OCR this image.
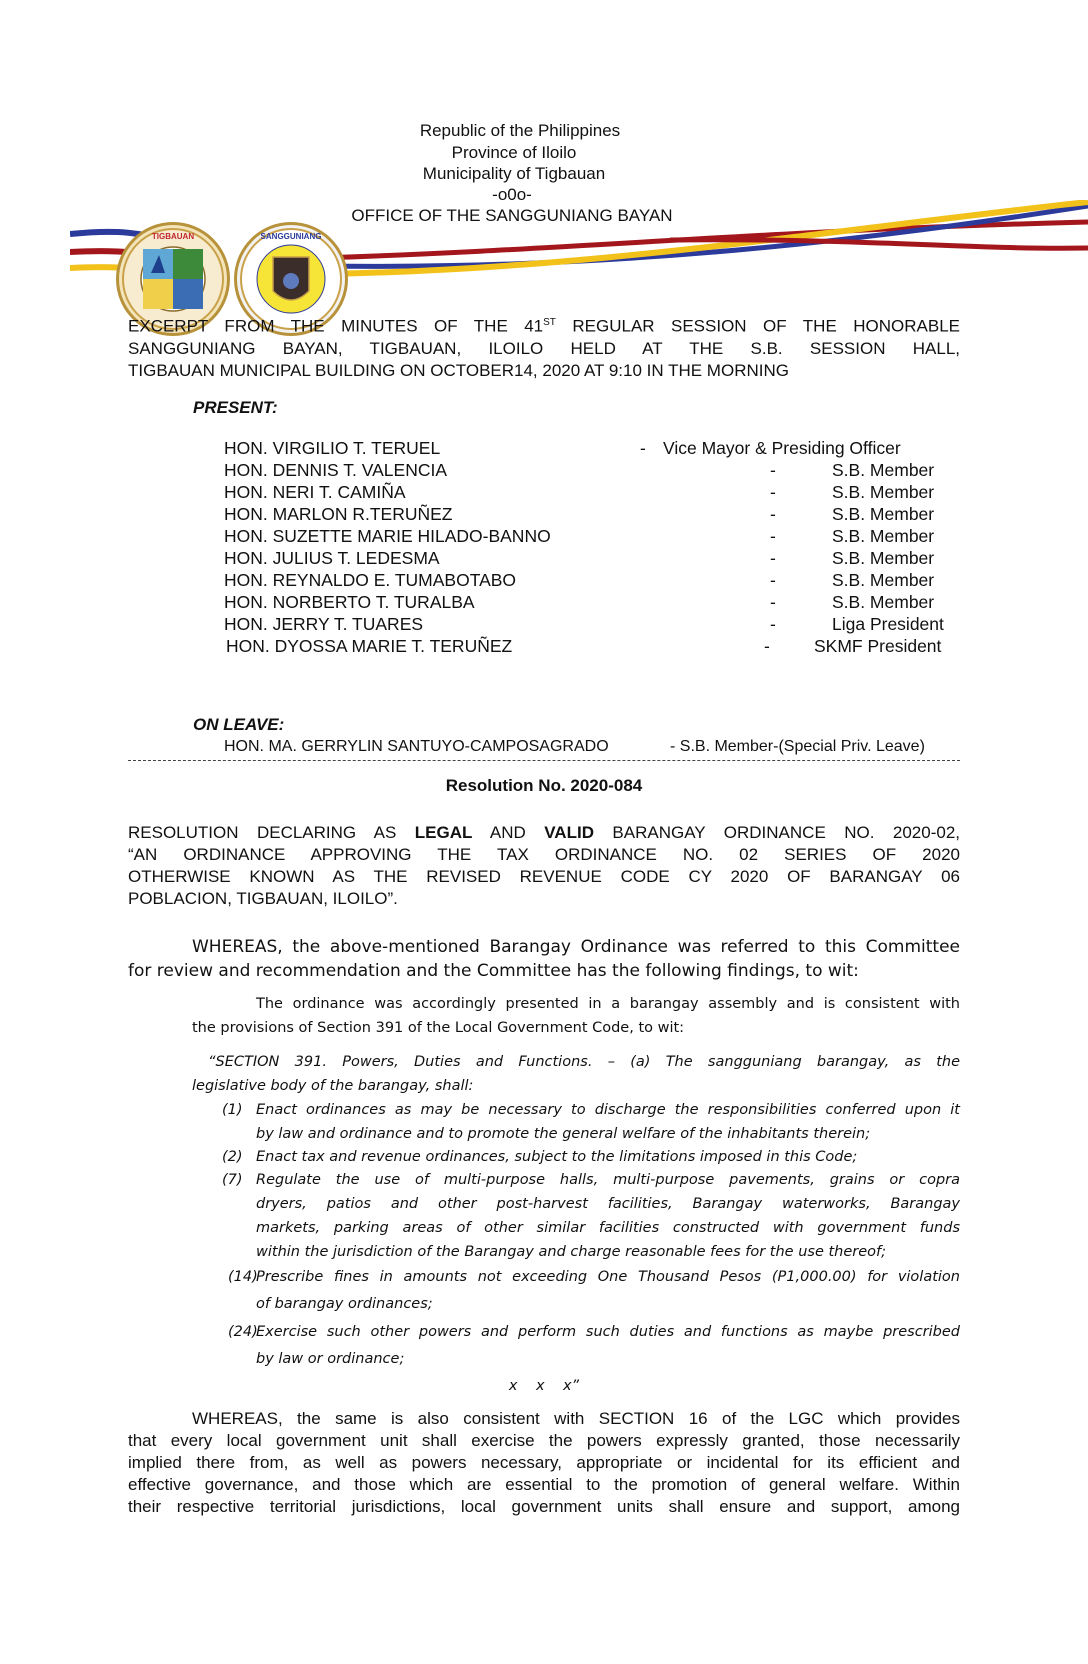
Republic of the Philippines
Province of Iloilo
Municipality of Tigbauan
-o0o-
OFFICE OF THE SANGGUNIANG BAYAN
TIGBAUAN	SANGGUNIANG
EXCERPT FROM THE MINUTES OF THE 41ST REGULAR SESSION OF THE HONORABLE
SANGGUNIANG BAYAN, TIGBAUAN, ILOILO HELD AT THE S.B. SESSION HALL,
TIGBAUAN MUNICIPAL BUILDING ON OCTOBER14, 2020 AT 9:10 IN THE MORNING
PRESENT:
HON. VIRGILIO T. TERUEL	- Vice Mayor & Presiding Officer
HON. DENNIS T. VALENCIA	-	S.B. Member
HON. NERI T. CAMIÑA	-	S.B. Member
HON. MARLON R.TERUÑEZ	-	S.B. Member
HON. SUZETTE MARIE HILADO-BANNO	-	S.B. Member
HON. JULIUS T. LEDESMA	-	S.B. Member
HON. REYNALDO E. TUMABOTABO	-	S.B. Member
HON. NORBERTO T. TURALBA	-	S.B. Member
HON. JERRY T. TUARES	-	Liga President
HON. DYOSSA MARIE T. TERUÑEZ	-	SKMF President
ON LEAVE:
HON. MA. GERRYLIN SANTUYO-CAMPOSAGRADO	- S.B. Member-(Special Priv. Leave)
Resolution No. 2020-084
RESOLUTION DECLARING AS LEGAL AND VALID BARANGAY ORDINANCE NO. 2020-02,
“AN ORDINANCE APPROVING THE TAX ORDINANCE NO. 02 SERIES OF 2020
OTHERWISE KNOWN AS THE REVISED REVENUE CODE CY 2020 OF BARANGAY 06
POBLACION, TIGBAUAN, ILOILO”.
WHEREAS, the above-mentioned Barangay Ordinance was referred to this Committee
for review and recommendation and the Committee has the following findings, to wit:
The ordinance was accordingly presented in a barangay assembly and is consistent with
the provisions of Section 391 of the Local Government Code, to wit:
“SECTION 391. Powers, Duties and Functions. – (a) The sangguniang barangay, as the
legislative body of the barangay, shall:
(1) Enact ordinances as may be necessary to discharge the responsibilities conferred upon it
by law and ordinance and to promote the general welfare of the inhabitants therein;
(2) Enact tax and revenue ordinances, subject to the limitations imposed in this Code;
(7) Regulate the use of multi-purpose halls, multi-purpose pavements, grains or copra
dryers, patios and other post-harvest facilities, Barangay waterworks, Barangay
markets, parking areas of other similar facilities constructed with government funds
within the jurisdiction of the Barangay and charge reasonable fees for the use thereof;
(14)
Prescribe fines in amounts not exceeding One Thousand Pesos (P1,000.00) for violation
of barangay ordinances;
(24)
Exercise such other powers and perform such duties and functions as maybe prescribed
by law or ordinance;
x    x    x”
WHEREAS, the same is also consistent with SECTION 16 of the LGC which provides
that every local government unit shall exercise the powers expressly granted, those necessarily
implied there from, as well as powers necessary, appropriate or incidental for its efficient and
effective governance, and those which are essential to the promotion of general welfare. Within
their respective territorial jurisdictions, local government units shall ensure and support, among
